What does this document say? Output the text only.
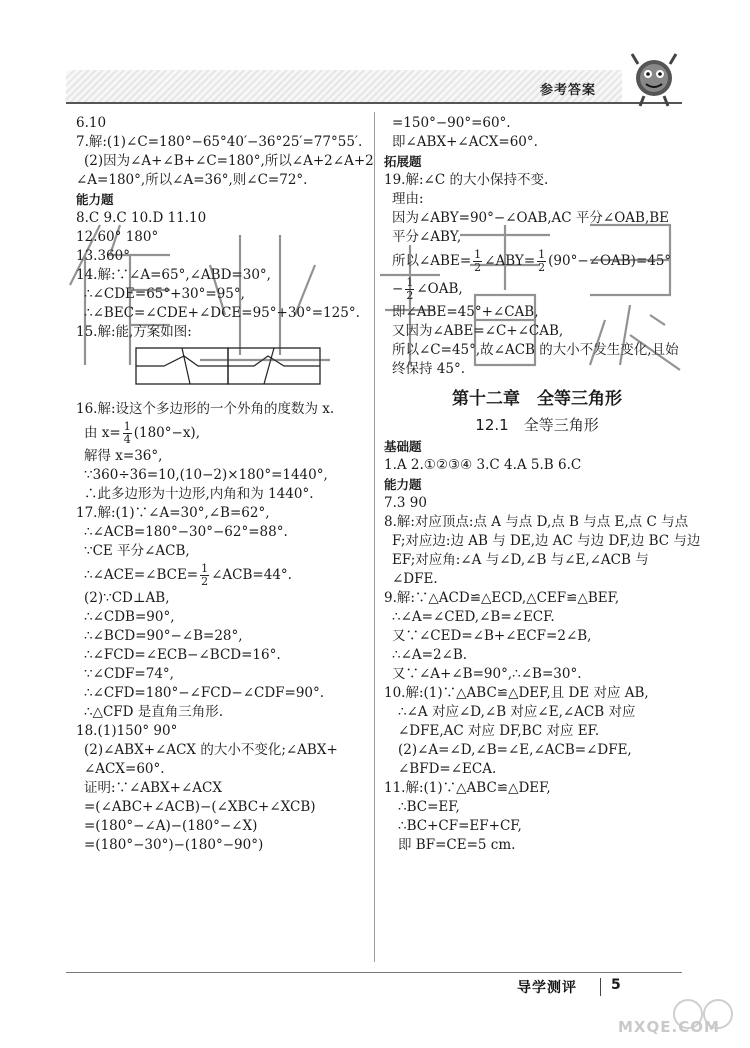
参考答案
6.10
7.解:(1)∠C=180°−65°40′−36°25′=77°55′.
(2)因为∠A+∠B+∠C=180°,所以∠A+2∠A+2
∠A=180°,所以∠A=36°,则∠C=72°.
能力题
8.C 9.C 10.D 11.10
12.60° 180°
13.360°
14.解:∵∠A=65°,∠ABD=30°,
∴∠CDE=65°+30°=95°,
∴∠BEC=∠CDE+∠DCE=95°+30°=125°.
15.解:能,方案如图:
16.解:设这个多边形的一个外角的度数为 x.
由 $x= \frac{1}{4} (180^\circ-x)$,
解得 x=36°,
∵360÷36=10,(10−2)×180°=1440°,
∴此多边形为十边形,内角和为 1440°.
17.解:(1)∵∠A=30°,∠B=62°,
∴∠ACB=180°−30°−62°=88°.
∵CE 平分∠ACB,
∴∠ACE=∠BCE= $\frac{1}{2}$ ∠ACB=44°.
(2)∵CD⊥AB,
∴∠CDB=90°,
∴∠BCD=90°−∠B=28°,
∴∠FCD=∠ECB−∠BCD=16°.
∵∠CDF=74°,
∴∠CFD=180°−∠FCD−∠CDF=90°.
∴△CFD 是直角三角形.
18.(1)150° 90°
(2)∠ABX+∠ACX 的大小不变化;∠ABX+
∠ACX=60°.
证明:∵∠ABX+∠ACX
=(∠ABC+∠ACB)−(∠XBC+∠XCB)
=(180°−∠A)−(180°−∠X)
=(180°−30°)−(180°−90°)
=150°−90°=60°.
即∠ABX+∠ACX=60°.
拓展题
19.解:∠C 的大小保持不变.
理由:
因为∠ABY=90°−∠OAB,AC 平分∠OAB,BE
平分∠ABY,
所以∠ABE= $\frac{1}{2}$ ∠ABY= $\frac{1}{2}$ (90°−∠OAB)=45°
− $\frac{1}{2}$ ∠OAB,
即∠ABE=45°+∠CAB,
又因为∠ABE=∠C+∠CAB,
所以∠C=45°,故∠ACB 的大小不发生变化,且始
终保持 45°.
第十二章　全等三角形
12.1　全等三角形
基础题
1.A 2.①②③④ 3.C 4.A 5.B 6.C
能力题
7.3 90
8.解:对应顶点:点 A 与点 D,点 B 与点 E,点 C 与点
F;对应边:边 AB 与 DE,边 AC 与边 DF,边 BC 与边
EF;对应角:∠A 与∠D,∠B 与∠E,∠ACB 与
∠DFE.
9.解:∵△ACD≌△ECD,△CEF≌△BEF,
∴∠A=∠CED,∠B=∠ECF.
又∵∠CED=∠B+∠ECF=2∠B,
∴∠A=2∠B.
又∵∠A+∠B=90°,∴∠B=30°.
10.解:(1)∵△ABC≌△DEF,且 DE 对应 AB,
∴∠A 对应∠D,∠B 对应∠E,∠ACB 对应
∠DFE,AC 对应 DF,BC 对应 EF.
(2)∠A=∠D,∠B=∠E,∠ACB=∠DFE,
∠BFD=∠ECA.
11.解:(1)∵△ABC≌△DEF,
∴BC=EF,
∴BC+CF=EF+CF,
即 BF=CE=5 cm.
导学测评 5
MXQE.COM
